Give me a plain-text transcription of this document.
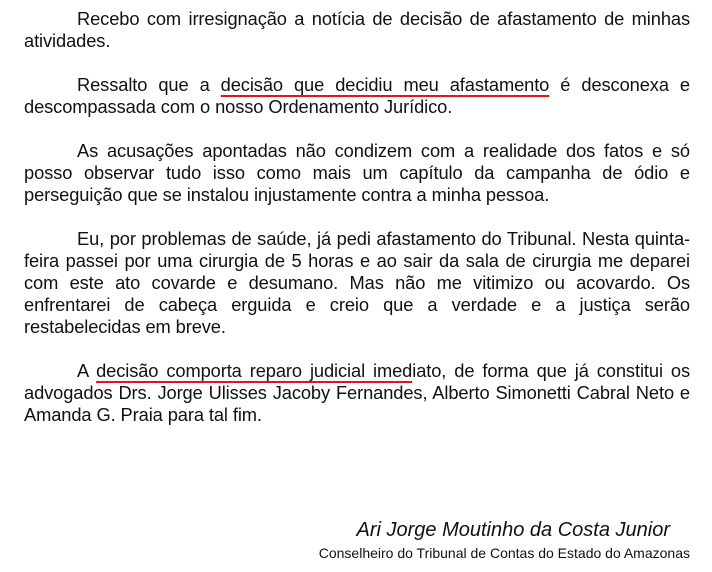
Recebo com irresignação a notícia de decisão de afastamento de minhas atividades.

Ressalto que a decisão que decidiu meu afastamento é desconexa e descompassada com o nosso Ordenamento Jurídico.

As acusações apontadas não condizem com a realidade dos fatos e só posso observar tudo isso como mais um capítulo da campanha de ódio e perseguição que se instalou injustamente contra a minha pessoa.

Eu, por problemas de saúde, já pedi afastamento do Tribunal. Nesta quinta-feira passei por uma cirurgia de 5 horas e ao sair da sala de cirurgia me deparei com este ato covarde e desumano. Mas não me vitimizo ou acovardo. Os enfrentarei de cabeça erguida e creio que a verdade e a justiça serão restabelecidas em breve.

A decisão comporta reparo judicial imediato, de forma que já constitui os advogados Drs. Jorge Ulisses Jacoby Fernandes, Alberto Simonetti Cabral Neto e Amanda G. Praia para tal fim.

Ari Jorge Moutinho da Costa Junior
Conselheiro do Tribunal de Contas do Estado do Amazonas
